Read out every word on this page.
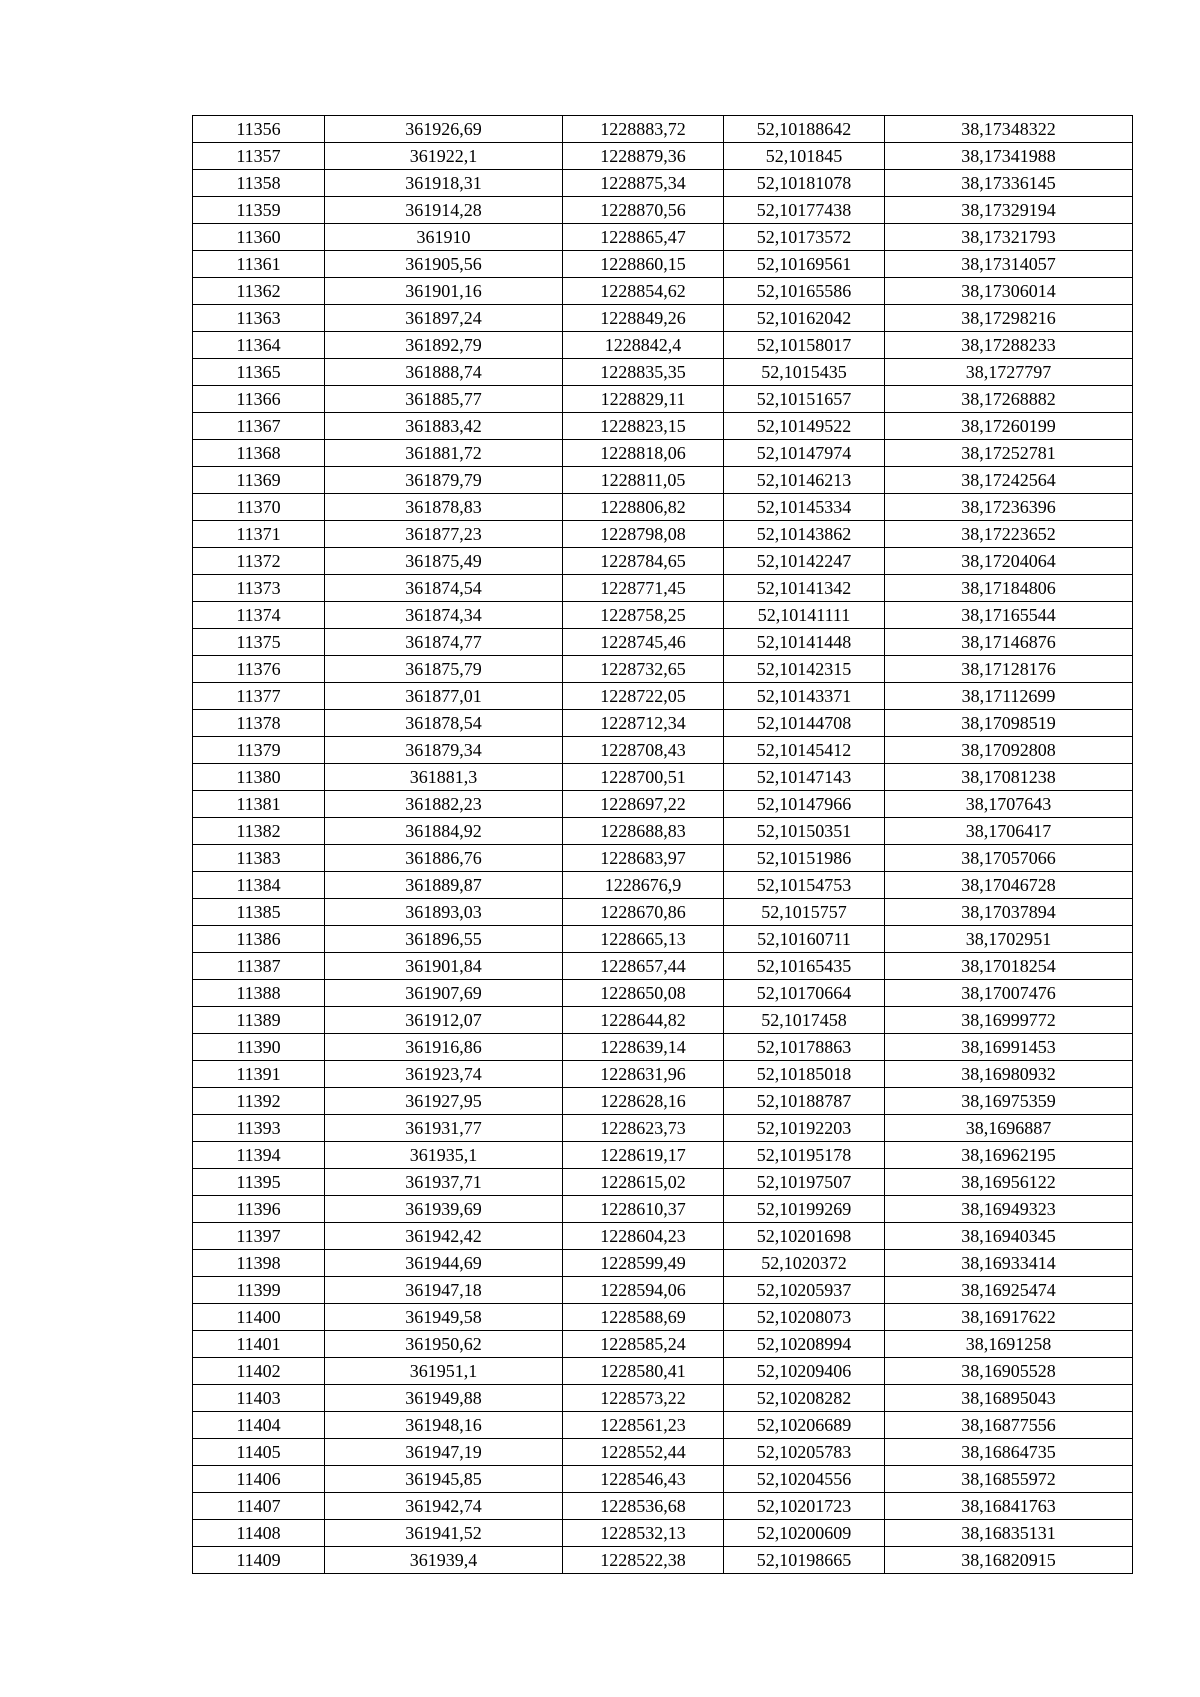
11356	361926,69	1228883,72	52,10188642	38,17348322
11357	361922,1	1228879,36	52,101845	38,17341988
11358	361918,31	1228875,34	52,10181078	38,17336145
11359	361914,28	1228870,56	52,10177438	38,17329194
11360	361910	1228865,47	52,10173572	38,17321793
11361	361905,56	1228860,15	52,10169561	38,17314057
11362	361901,16	1228854,62	52,10165586	38,17306014
11363	361897,24	1228849,26	52,10162042	38,17298216
11364	361892,79	1228842,4	52,10158017	38,17288233
11365	361888,74	1228835,35	52,1015435	38,1727797
11366	361885,77	1228829,11	52,10151657	38,17268882
11367	361883,42	1228823,15	52,10149522	38,17260199
11368	361881,72	1228818,06	52,10147974	38,17252781
11369	361879,79	1228811,05	52,10146213	38,17242564
11370	361878,83	1228806,82	52,10145334	38,17236396
11371	361877,23	1228798,08	52,10143862	38,17223652
11372	361875,49	1228784,65	52,10142247	38,17204064
11373	361874,54	1228771,45	52,10141342	38,17184806
11374	361874,34	1228758,25	52,10141111	38,17165544
11375	361874,77	1228745,46	52,10141448	38,17146876
11376	361875,79	1228732,65	52,10142315	38,17128176
11377	361877,01	1228722,05	52,10143371	38,17112699
11378	361878,54	1228712,34	52,10144708	38,17098519
11379	361879,34	1228708,43	52,10145412	38,17092808
11380	361881,3	1228700,51	52,10147143	38,17081238
11381	361882,23	1228697,22	52,10147966	38,1707643
11382	361884,92	1228688,83	52,10150351	38,1706417
11383	361886,76	1228683,97	52,10151986	38,17057066
11384	361889,87	1228676,9	52,10154753	38,17046728
11385	361893,03	1228670,86	52,1015757	38,17037894
11386	361896,55	1228665,13	52,10160711	38,1702951
11387	361901,84	1228657,44	52,10165435	38,17018254
11388	361907,69	1228650,08	52,10170664	38,17007476
11389	361912,07	1228644,82	52,1017458	38,16999772
11390	361916,86	1228639,14	52,10178863	38,16991453
11391	361923,74	1228631,96	52,10185018	38,16980932
11392	361927,95	1228628,16	52,10188787	38,16975359
11393	361931,77	1228623,73	52,10192203	38,1696887
11394	361935,1	1228619,17	52,10195178	38,16962195
11395	361937,71	1228615,02	52,10197507	38,16956122
11396	361939,69	1228610,37	52,10199269	38,16949323
11397	361942,42	1228604,23	52,10201698	38,16940345
11398	361944,69	1228599,49	52,1020372	38,16933414
11399	361947,18	1228594,06	52,10205937	38,16925474
11400	361949,58	1228588,69	52,10208073	38,16917622
11401	361950,62	1228585,24	52,10208994	38,1691258
11402	361951,1	1228580,41	52,10209406	38,16905528
11403	361949,88	1228573,22	52,10208282	38,16895043
11404	361948,16	1228561,23	52,10206689	38,16877556
11405	361947,19	1228552,44	52,10205783	38,16864735
11406	361945,85	1228546,43	52,10204556	38,16855972
11407	361942,74	1228536,68	52,10201723	38,16841763
11408	361941,52	1228532,13	52,10200609	38,16835131
11409	361939,4	1228522,38	52,10198665	38,16820915
